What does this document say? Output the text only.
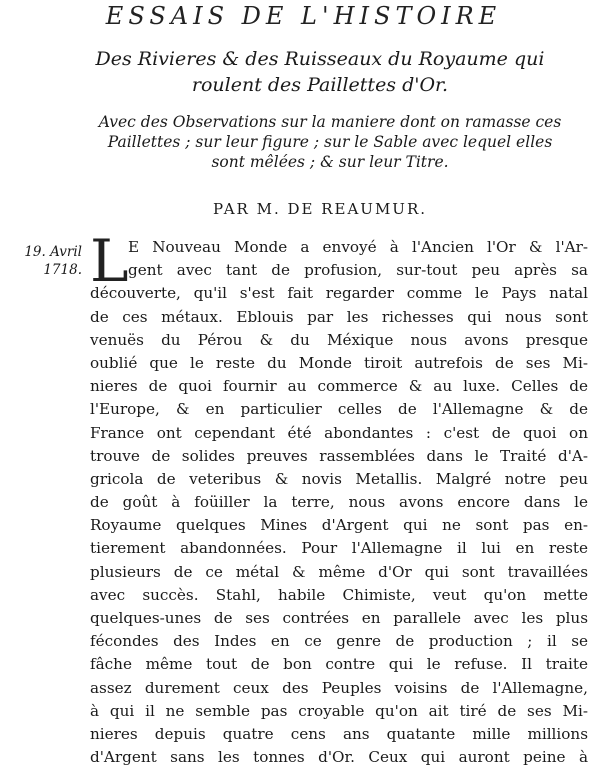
ESSAIS DE L'HISTOIRE
Des Rivieres & des Ruisseaux du Royaume qui
roulent des Paillettes d'Or.
Avec des Observations sur la maniere dont on ramasse ces
Paillettes ; sur leur figure ; sur le Sable avec lequel elles
sont mêlées ; & sur leur Titre.
PAR M. DE REAUMUR.
19. Avril
1718. L E Nouveau Monde a envoyé à l'Ancien l'Or & l'Ar-
gent avec tant de profusion, sur-tout peu après sa
découverte, qu'il s'est fait regarder comme le Pays natal
de ces métaux. Eblouis par les richesses qui nous sont
venuës du Pérou & du Méxique nous avons presque
oublié que le reste du Monde tiroit autrefois de ses Mi-
nieres de quoi fournir au commerce & au luxe. Celles de
l'Europe, & en particulier celles de l'Allemagne & de
France ont cependant été abondantes : c'est de quoi on
trouve de solides preuves rassemblées dans le Traité d'A-
gricola de veteribus & novis Metallis. Malgré notre peu
de goût à foüiller la terre, nous avons encore dans le
Royaume quelques Mines d'Argent qui ne sont pas en-
tierement abandonnées. Pour l'Allemagne il lui en reste
plusieurs de ce métal & même d'Or qui sont travaillées
avec succès. Stahl, habile Chimiste, veut qu'on mette
quelques-unes de ses contrées en parallele avec les plus
fécondes des Indes en ce genre de production ; il se
fâche même tout de bon contre qui le refuse. Il traite
assez durement ceux des Peuples voisins de l'Allemagne,
à qui il ne semble pas croyable qu'on ait tiré de ses Mi-
nieres depuis quatre cens ans quatante mille millions
d'Argent sans les tonnes d'Or. Ceux qui auront peine à
